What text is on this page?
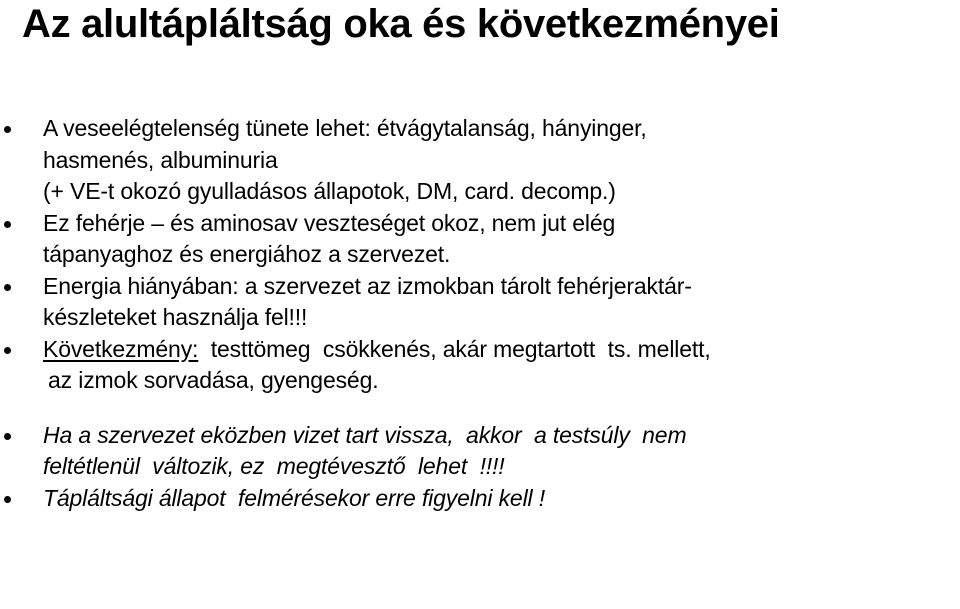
Az alultápláltság oka és következményei
A veseelégtelenség tünete lehet: étvágytalanság, hányinger,
hasmenés, albuminuria
(+ VE-t okozó gyulladásos állapotok, DM, card. decomp.)
Ez fehérje – és aminosav veszteséget okoz, nem jut elég
tápanyaghoz és energiához a szervezet.
Energia hiányában: a szervezet az izmokban tárolt fehérjeraktár-
készleteket használja fel!!!
Következmény:  testtömeg  csökkenés, akár megtartott  ts. mellett,
az izmok sorvadása, gyengeség.
Ha a szervezet eközben vizet tart vissza,  akkor  a testsúly  nem
feltétlenül  változik, ez  megtévesztő  lehet  !!!!
Tápláltsági állapot  felmérésekor erre figyelni kell !
